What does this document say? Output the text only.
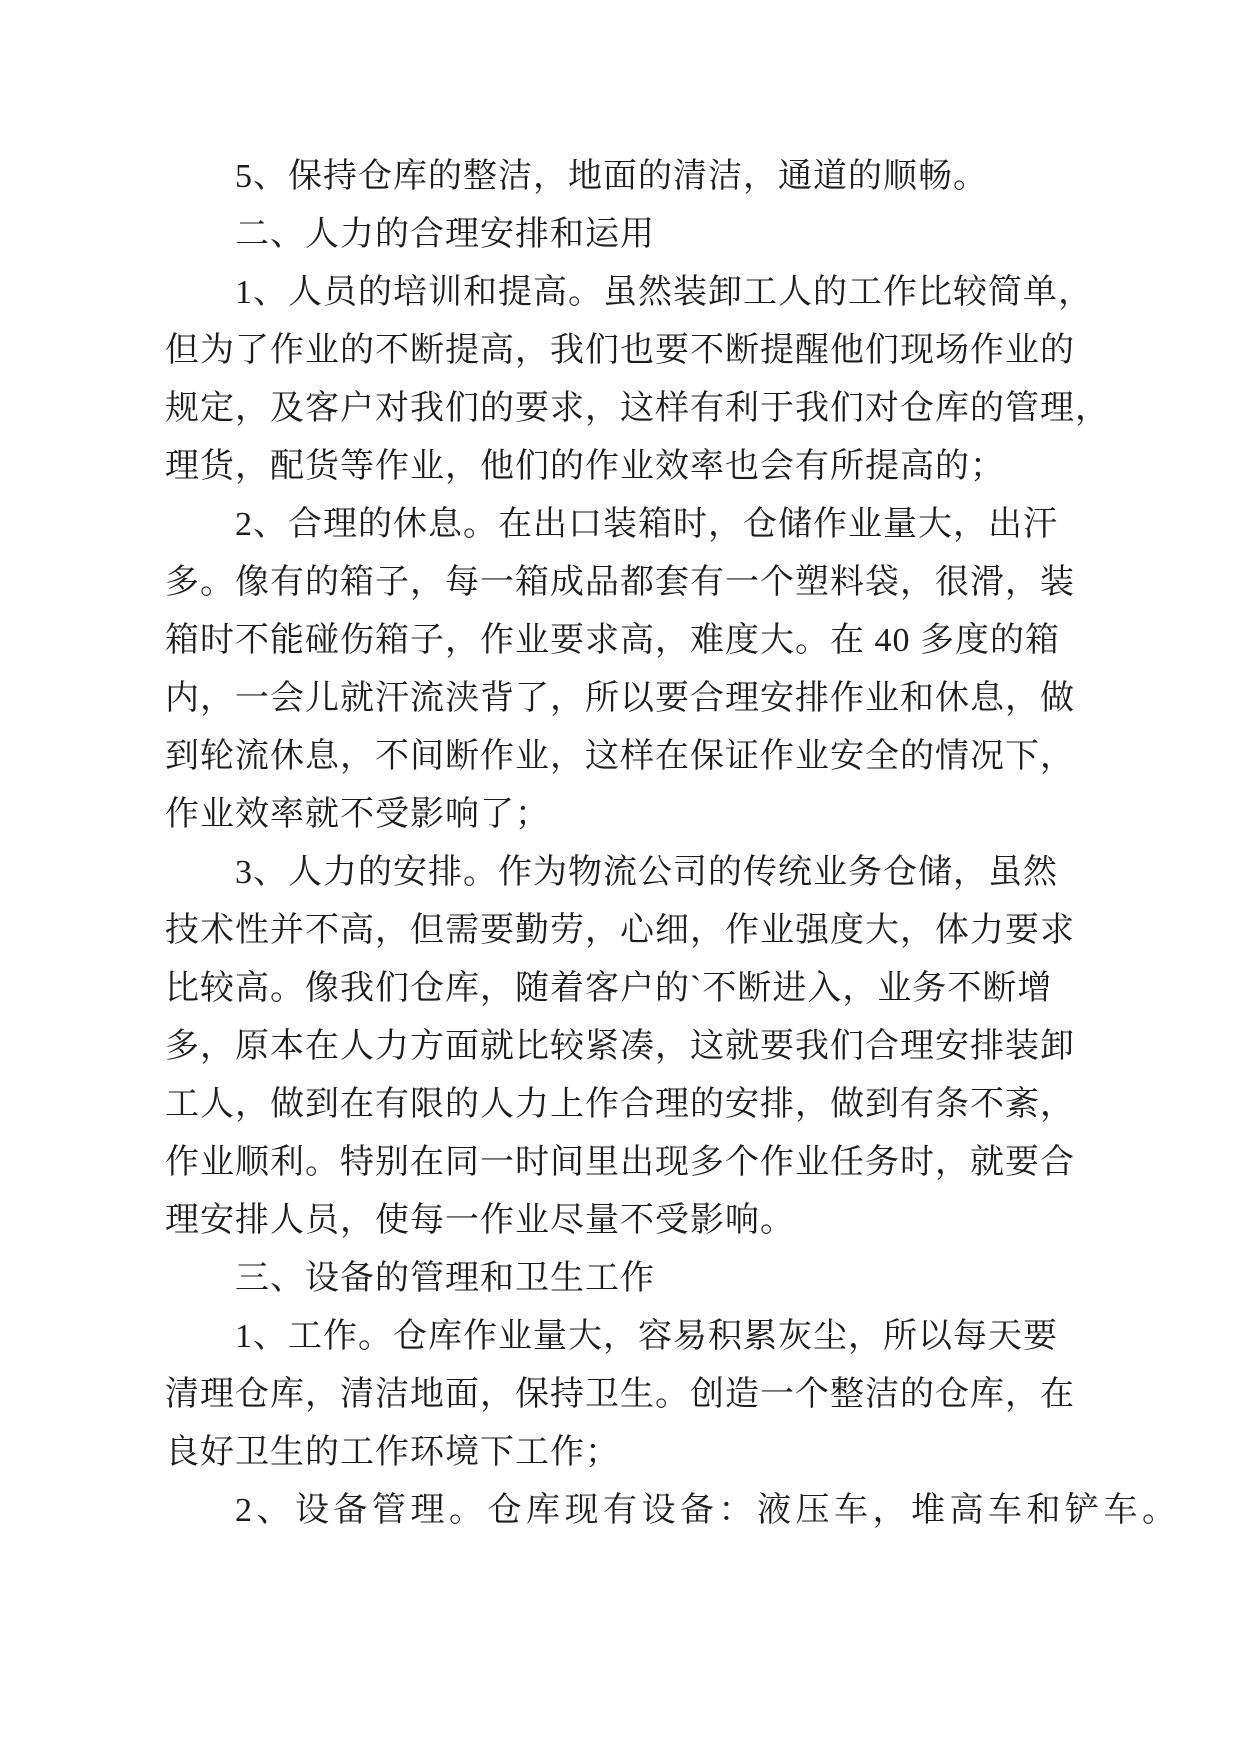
5、保持仓库的整洁，地面的清洁，通道的顺畅。
二、人力的合理安排和运用
1、人员的培训和提高。虽然装卸工人的工作比较简单，
但为了作业的不断提高，我们也要不断提醒他们现场作业的
规定，及客户对我们的要求，这样有利于我们对仓库的管理，
理货，配货等作业，他们的作业效率也会有所提高的；
2、合理的休息。在出口装箱时，仓储作业量大，出汗
多。像有的箱子，每一箱成品都套有一个塑料袋，很滑，装
箱时不能碰伤箱子，作业要求高，难度大。在 40 多度的箱
内，一会儿就汗流浃背了，所以要合理安排作业和休息，做
到轮流休息，不间断作业，这样在保证作业安全的情况下，
作业效率就不受影响了；
3、人力的安排。作为物流公司的传统业务仓储，虽然
技术性并不高，但需要勤劳，心细，作业强度大，体力要求
比较高。像我们仓库，随着客户的`不断进入，业务不断增
多，原本在人力方面就比较紧凑，这就要我们合理安排装卸
工人，做到在有限的人力上作合理的安排，做到有条不紊，
作业顺利。特别在同一时间里出现多个作业任务时，就要合
理安排人员，使每一作业尽量不受影响。
三、设备的管理和卫生工作
1、工作。仓库作业量大，容易积累灰尘，所以每天要
清理仓库，清洁地面，保持卫生。创造一个整洁的仓库，在
良好卫生的工作环境下工作；
2、设备管理。仓库现有设备：液压车，堆高车和铲车。
